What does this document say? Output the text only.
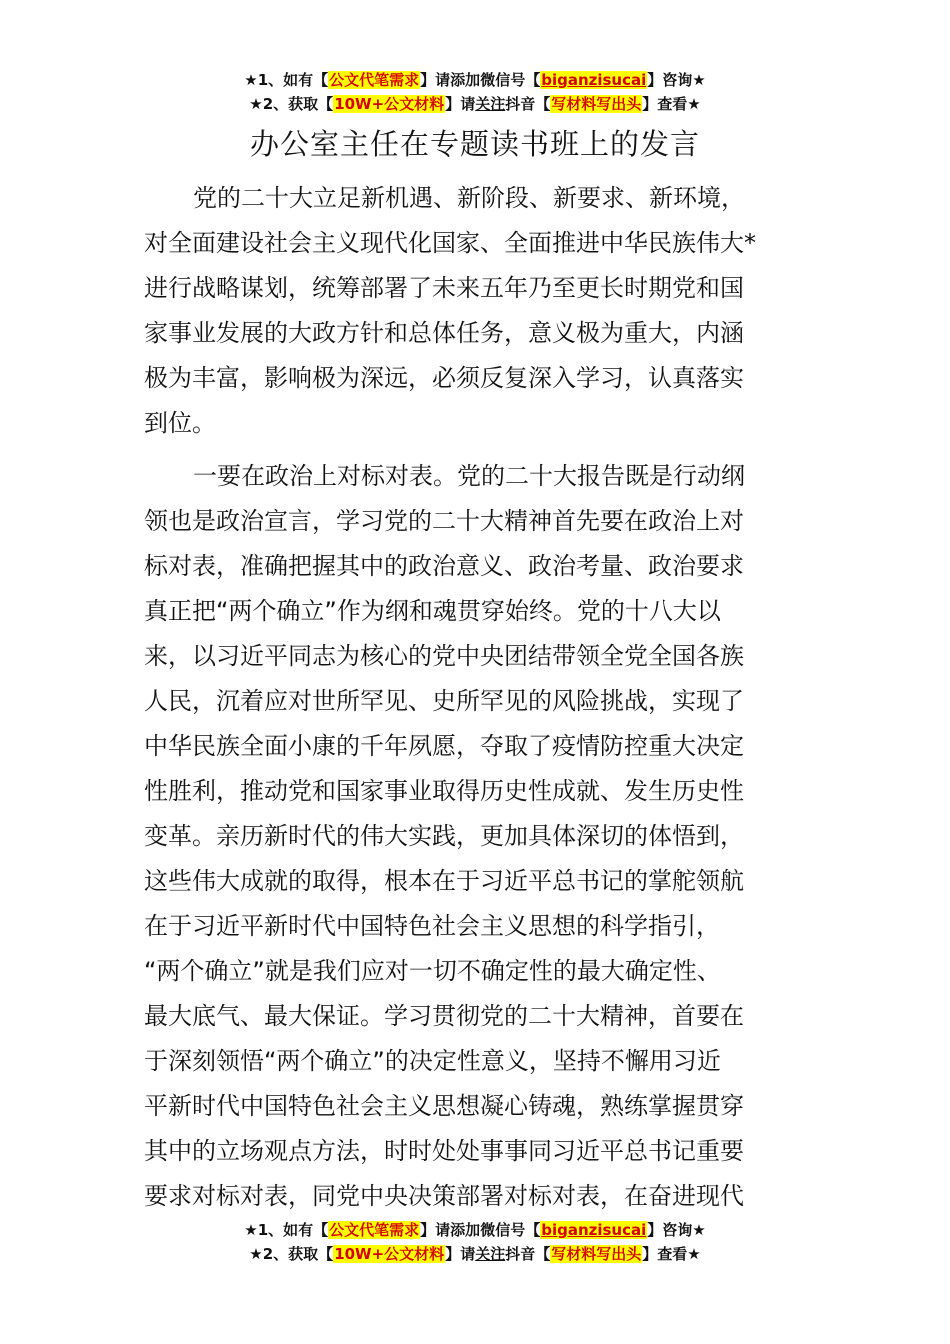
★1、如有【公文代笔需求】请添加微信号【biganzisucai】咨询★
★2、获取【10W+公文材料】请关注抖音【写材料写出头】查看★
办公室主任在专题读书班上的发言
党的二十大立足新机遇、新阶段、新要求、新环境，
对全面建设社会主义现代化国家、全面推进中华民族伟大*
进行战略谋划，统筹部署了未来五年乃至更长时期党和国
家事业发展的大政方针和总体任务，意义极为重大，内涵
极为丰富，影响极为深远，必须反复深入学习，认真落实
到位。
一要在政治上对标对表。党的二十大报告既是行动纲
领也是政治宣言，学习党的二十大精神首先要在政治上对
标对表，准确把握其中的政治意义、政治考量、政治要求
真正把“两个确立”作为纲和魂贯穿始终。党的十八大以
来，以习近平同志为核心的党中央团结带领全党全国各族
人民，沉着应对世所罕见、史所罕见的风险挑战，实现了
中华民族全面小康的千年夙愿，夺取了疫情防控重大决定
性胜利，推动党和国家事业取得历史性成就、发生历史性
变革。亲历新时代的伟大实践，更加具体深切的体悟到，
这些伟大成就的取得，根本在于习近平总书记的掌舵领航
在于习近平新时代中国特色社会主义思想的科学指引，
“两个确立”就是我们应对一切不确定性的最大确定性、
最大底气、最大保证。学习贯彻党的二十大精神，首要在
于深刻领悟“两个确立”的决定性意义，坚持不懈用习近
平新时代中国特色社会主义思想凝心铸魂，熟练掌握贯穿
其中的立场观点方法，时时处处事事同习近平总书记重要
要求对标对表，同党中央决策部署对标对表，在奋进现代
★1、如有【公文代笔需求】请添加微信号【biganzisucai】咨询★
★2、获取【10W+公文材料】请关注抖音【写材料写出头】查看★
